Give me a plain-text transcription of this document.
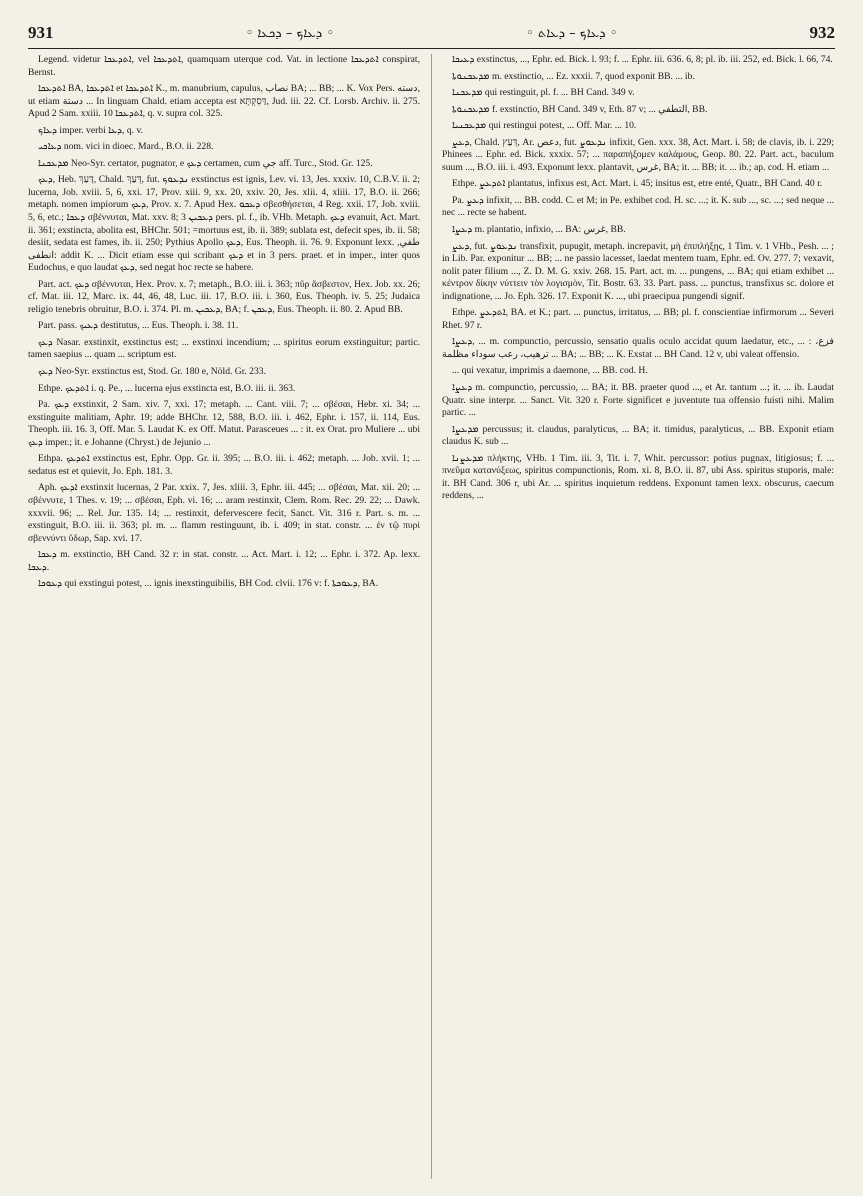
931	◦ ܕܥܐܟ – ܕܟܥܐ ◦	◦ ܕܥܐܟ – ܕܥܐܬ ◦	932

Legend. videtur ܐܬܕܥܟܐ, vel ܐܬܕܥܟܐ, quamquam uterque cod. Vat. in lectione ܐܬܕܥܟܐ conspirat, Bernst.

ܐܬܕܥܟܐ BA, ܐܬܕܥܟܐ et ܐܬܕܥܟܐ K., m. manubrium, capulus, نصاب BA; ... BB; ... K. Vox Pers. دسته, ut etiam دستة ... In linguam Chald. etiam accepta est דַּסְקְתָּא, Jud. iii. 22. Cf. Lorsb. Archiv. ii. 275. Apud 2 Sam. xxiii. 10 ܐܬܕܥܟܐ, q. v. supra col. 325.

ܕܥܐܟ imper. verbi ܕܥܐ, q. v.

ܕܥܐܟܝ nom. vici in dioec. Mard., B.O. ii. 228.

ܡܕܥܟܢܐ Neo-Syr. certator, pugnator, e ܕܥܟ certamen, cum جي aff. Turc., Stod. Gr. 125.

ܕܥܟ, Heb. דָּעַךְ, Chald. דְּעַךְ, fut. ܢܕܥܘܟ exstinctus est ignis, Lev. vi. 13, Jes. xxxiv. 10, C.B.V. ii. 2; lucerna, Job. xviii. 5, 6, xxi. 17, Prov. xiii. 9, xx. 20, xxiv. 20, Jes. xlii. 4, xliii. 17, B.O. ii. 266; metaph. nomen impiorum ܕܥܟ, Prov. x. 7. Apud Hex. ܕܥܟܘ σβεσθήσεται, 4 Reg. xxii. 17, Job. xviii. 5, 6, etc.; ܕܥܟܐ σβέννυται, Mat. xxv. 8; ܕܥܟܝܢ 3 pers. pl. f., ib. VHb. Metaph. ܕܥܟ evanuit, Act. Mart. ii. 361; exstincta, abolita est, BHChr. 501; =mortuus est, ib. ii. 389; sublata est, defecit spes, ib. ii. 58; desiit, sedata est fames, ib. ii. 250; Pythius Apollo ܕܥܟ, Eus. Theoph. ii. 76. 9. Exponunt lexx. طفي, انطفى: addit K. ... Dicit etiam esse qui scribant ܕܥܟ et in 3 pers. praet. et in imper., inter quos Eudochus, e quo laudat ܕܥܟ, sed negat hoc recte se habere.

Part. act. ܕܥܟ σβέννυται, Hex. Prov. x. 7; metaph., B.O. iii. i. 363; πῦρ ἄσβεστον, Hex. Job. xx. 26; cf. Mat. iii. 12, Marc. ix. 44, 46, 48, Luc. iii. 17, B.O. iii. i. 360, Eus. Theoph. iv. 5. 25; Judaica religio tenebris obruitur, B.O. i. 374. Pl. m. ܕܥܟܝܢ, BA; f. ܕܥܟܢ, Eus. Theoph. ii. 80. 2. Apud BB.

Part. pass. ܕܥܝܟ destitutus, ... Eus. Theoph. i. 38. 11.

ܕܥܟ Nasar. exstinxit, exstinctus est; ... exstinxi incendium; ... spiritus eorum exstinguitur; partic. tamen saepius ... quam ... scriptum est.

ܕܥܟ Neo-Syr. exstinctus est, Stod. Gr. 180 e, Nöld. Gr. 233.

Ethpe. ܐܬܕܥܟ i. q. Pe., ... lucerna ejus exstincta est, B.O. iii. ii. 363.

Pa. ܕܥܟ exstinxit, 2 Sam. xiv. 7, xxi. 17; metaph. ... Cant. viii. 7; ... σβέσαι, Hebr. xi. 34; ... exstinguite malitiam, Aphr. 19; adde BHChr. 12, 588, B.O. iii. i. 462, Ephr. i. 157, ii. 114, Eus. Theoph. iii. 16. 3, Off. Mar. 5. Laudat K. ex Off. Matut. Parasceues ... : it. ex Orat. pro Muliere ... ubi ܕܥܟ imper.; it. e Johanne (Chryst.) de Jejunio ...

Ethpa. ܐܬܕܥܟ exstinctus est, Ephr. Opp. Gr. ii. 395; ... B.O. iii. i. 462; metaph. ... Job. xvii. 1; ... sedatus est et quievit, Jo. Eph. 181. 3.

Aph. ܐܕܥܟ exstinxit lucernas, 2 Par. xxix. 7, Jes. xliii. 3, Ephr. iii. 445; ... σβέσαι, Mat. xii. 20; ... σβέννυτε, 1 Thes. v. 19; ... σβέσαι, Eph. vi. 16; ... aram restinxit, Clem. Rom. Rec. 29. 22; ... Dawk. xxxvii. 96; ... Rel. Jur. 135. 14; ... restinxit, defervescere fecit, Sanct. Vit. 316 r. Part. s. m. ... exstinguit, B.O. iii. ii. 363; pl. m. ... flamm restinguunt, ib. i. 409; in stat. constr. ... ἐν τῷ πυρὶ σβεννύντι ὕδωρ, Sap. xvi. 17.

ܕܥܟܐ m. exstinctio, BH Cand. 32 r: in stat. constr. ... Act. Mart. i. 12; ... Ephr. i. 372. Ap. lexx. ܕܥܟܐ.

ܕܥܘܟܐ qui exstingui potest, ... ignis inexstinguibilis, BH Cod. clvii. 176 v: f. ܕܥܘܟܬܐ, BA.

ܕܥܝܟܐ exstinctus, ..., Ephr. ed. Bick. l. 93; f. ... Ephr. iii. 636. 6, 8; pl. ib. iii. 252, ed. Bick. l. 66, 74.

ܡܕܥܟܢܘܬܐ m. exstinctio, ... Ez. xxxii. 7, quod exponit BB. ... ib.

ܡܕܥܟܢܐ qui restinguit, pl. f. ... BH Cand. 349 v.

ܡܕܥܟܢܘܬܐ f. exstinctio, BH Cand. 349 v, Eth. 87 v; ... التطفي, BB.

ܡܕܥܟܢܝܐ qui restingui potest, ... Off. Mar. ... 10.

ܕܥܨ, Chald. דְּעַץ, Ar. دعص, fut. ܢܕܥܘܨ infixit, Gen. xxx. 38, Act. Mart. i. 58; de clavis, ib. i. 229; Phinees ... Ephr. ed. Bick. xxxix. 57; ... παραπήξομεν καλάμους, Geop. 80. 22. Part. act., baculum suum ..., B.O. iii. i. 493. Exponunt lexx. plantavit, غرس, BA; it. ... BB; it. ... ib.; ap. cod. H. etiam ...

Ethpe. ܐܬܕܥܨ plantatus, infixus est, Act. Mart. i. 45; insitus est, etre enté, Quatr., BH Cand. 40 r.

Pa. ܕܥܨ infixit, ... BB. codd. C. et M; in Pe. exhibet cod. H. sc. ...; it. K. sub ..., sc. ...; sed neque ... nec ... recte se habent.

ܕܥܨܐ m. plantatio, infixio, ... BA: غرس, BB.

ܕܥܨ, fut. ܢܕܥܘܨ transfixit, pupugit, metaph. increpavit, μὴ ἐπιπλήξῃς, 1 Tim. v. 1 VHb., Pesh. ... ; in Lib. Par. exponitur ... BB; ... ne passio lacesset, laedat mentem tuam, Ephr. ed. Ov. 277. 7; vexavit, nolit pater filium ..., Z. D. M. G. xxiv. 268. 15. Part. act. m. ... pungens, ... BA; qui etiam exhibet ... κέντρον δίκην νύττειν τὸν λογισμὸν, Tit. Bostr. 63. 33. Part. pass. ... punctus, transfixus sc. dolore et indignatione, ... Jo. Eph. 326. 17. Exponit K. ..., ubi praecipua pungendi signif.

Ethpe. ܐܬܕܥܨ, BA. et K.; part. ... punctus, irritatus, ... BB; pl. f. conscientiae infirmorum ... Severi Rhet. 97 r.

ܕܥܨܐ, ... m. compunctio, percussio, sensatio qualis oculo accidat quum laedatur, etc., ... : فزع، ترهيب، رعب سوداء مظلمة ... BA; ... BB; ... K. Exstat ... BH Cand. 12 v, ubi valeat offensio.

... qui vexatur, imprimis a daemone, ... BB. cod. H.

ܕܥܨܐ m. compunctio, percussio, ... BA; it. BB. praeter quod ..., et Ar. tantum ...; it. ... ib. Laudat Quatr. sine interpr. ... Sanct. Vit. 320 r. Forte significet e juventute tua offensio fuisti nihi. Malim partic. ...

ܡܕܥܨܐ percussus; it. claudus, paralyticus, ... BA; it. timidus, paralyticus, ... BB. Exponit etiam claudus K. sub ...

ܡܕܥܨܢܐ πλήκτης, VHb. 1 Tim. iii. 3, Tit. i. 7, Whit. percussor: potius pugnax, litigiosus; f. ... πνεῦμα κατανύξεως, spiritus compunctionis, Rom. xi. 8, B.O. ii. 87, ubi Ass. spiritus stuporis, male: it. BH Cand. 306 r, ubi Ar. ... spiritus inquietum reddens. Exponunt tamen lexx. obscurus, caecum reddens, ...
